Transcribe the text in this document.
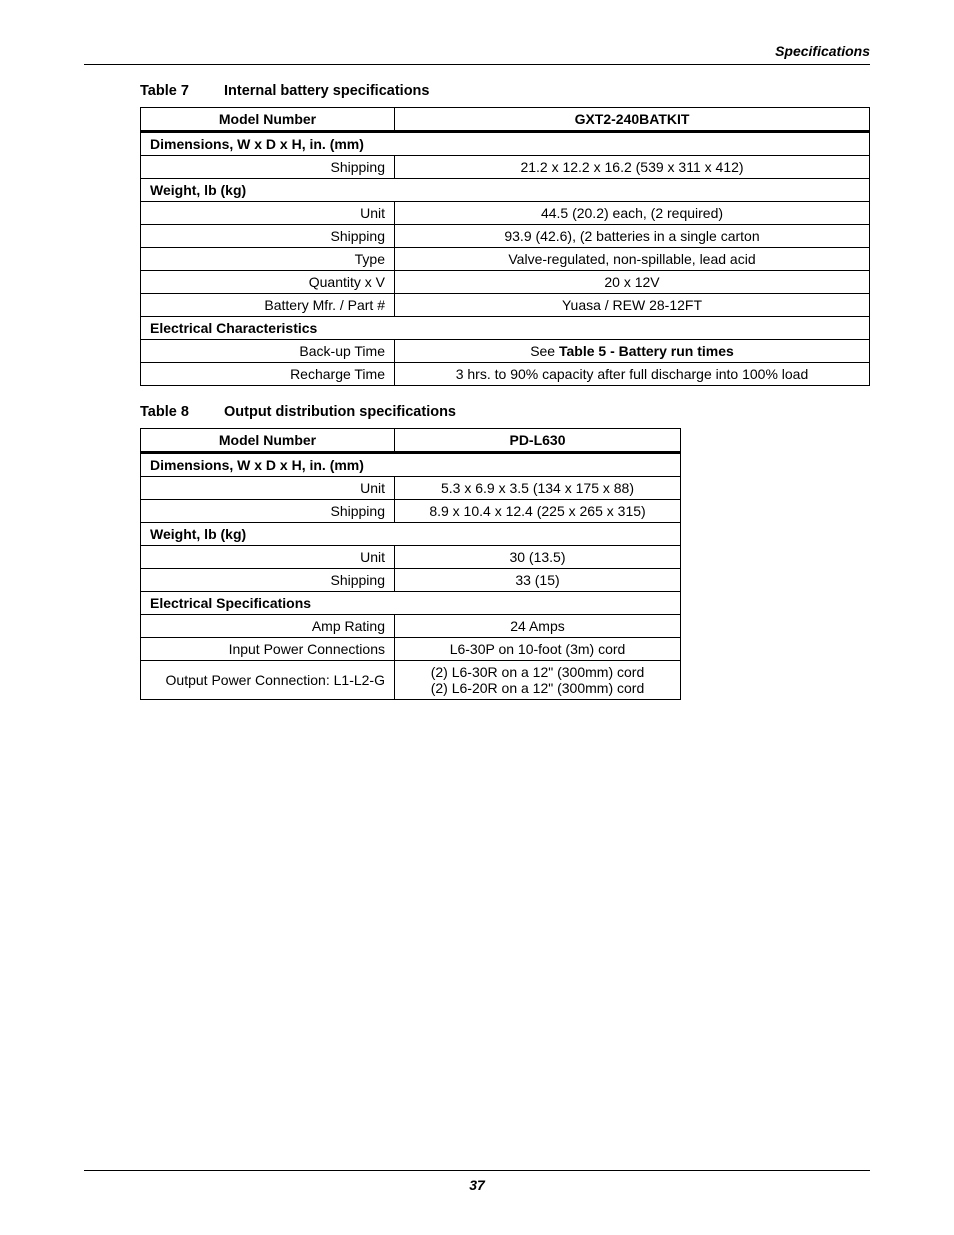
Specifications
Table 7	Internal battery specifications
Model Number	GXT2-240BATKIT
Dimensions, W x D x H, in. (mm)	
Shipping	21.2 x 12.2 x 16.2 (539 x 311 x 412)
Weight, lb (kg)	
Unit	44.5 (20.2) each, (2 required)
Shipping	93.9 (42.6), (2 batteries in a single carton
Type	Valve-regulated, non-spillable, lead acid
Quantity x V	20 x 12V
Battery Mfr. / Part #	Yuasa / REW 28-12FT
Electrical Characteristics	
Back-up Time	See Table 5 - Battery run times
Recharge Time	3 hrs. to 90% capacity after full discharge into 100% load
Table 8	Output distribution specifications
Model Number	PD-L630
Dimensions, W x D x H, in. (mm)	
Unit	5.3 x 6.9 x 3.5 (134 x 175 x 88)
Shipping	8.9 x 10.4 x 12.4 (225 x 265 x 315)
Weight, lb (kg)	
Unit	30 (13.5)
Shipping	33 (15)
Electrical Specifications	
Amp Rating	24 Amps
Input Power Connections	L6-30P on 10-foot (3m) cord
Output Power Connection: L1-L2-G	(2) L6-30R on a 12" (300mm) cord
(2) L6-20R on a 12" (300mm) cord
37
